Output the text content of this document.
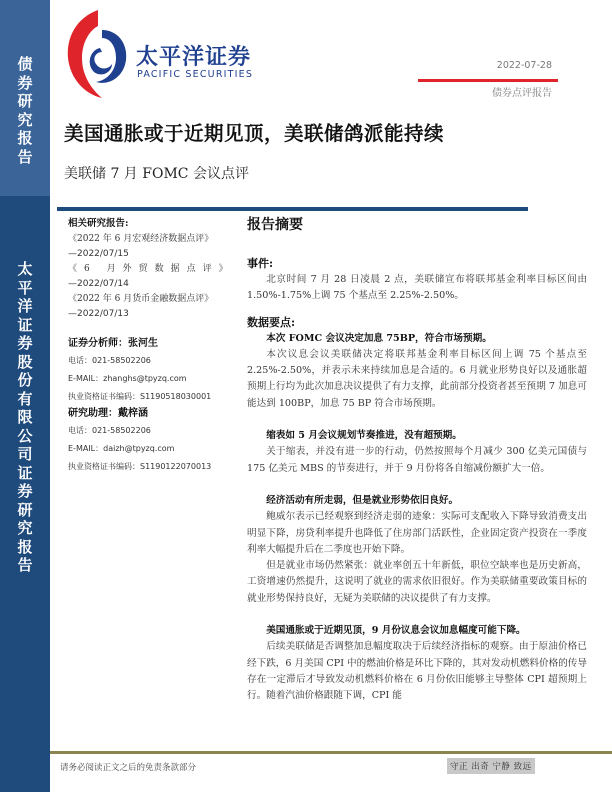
债
券
研
究
报
告
太
平
洋
证
券
股
份
有
限
公
司
证
券
研
究
报
告
太平洋证券
PACIFIC SECURITIES
2022-07-28
债券点评报告
美国通胀或于近期见顶，美联储鸽派能持续
美联储 7 月 FOMC 会议点评
相关研究报告:
《2022 年 6 月宏观经济数据点评》
—2022/07/15
《6 月外贸数据点评》
—2022/07/14
《2022 年 6 月货币金融数据点评》
—2022/07/13
证券分析师：张河生
电话：021-58502206
E-MAIL：zhanghs@tpyzq.com
执业资格证书编码：S1190518030001
研究助理：戴梓涵
电话：021-58502206
E-MAIL：daizh@tpyzq.com
执业资格证书编码：S1190122070013
报告摘要
事件:
北京时间 7 月 28 日凌晨 2 点，美联储宣布将联邦基金利率目标区间由 1.50%-1.75%上调 75 个基点至 2.25%-2.50%。
数据要点:
本次 FOMC 会议决定加息 75BP，符合市场预期。
本次议息会议美联储决定将联邦基金利率目标区间上调 75 个基点至 2.25%-2.50%，并表示未来持续加息是合适的。6 月就业形势良好以及通胀超预期上行均为此次加息决议提供了有力支撑，此前部分投资者甚至预期 7 加息可能达到 100BP，加息 75 BP 符合市场预期。
缩表如 5 月会议规划节奏推进，没有超预期。
关于缩表，并没有进一步的行动，仍然按照每个月减少 300 亿美元国债与 175 亿美元 MBS 的节奏进行，并于 9 月份将各自缩减份额扩大一倍。
经济活动有所走弱，但是就业形势依旧良好。
鲍威尔表示已经观察到经济走弱的迹象：实际可支配收入下降导致消费支出明显下降，房贷利率提升也降低了住房部门活跃性，企业固定资产投资在一季度利率大幅提升后在二季度也开始下降。
但是就业市场仍然紧张：就业率创五十年新低，职位空缺率也是历史新高，工资增速仍然提升，这说明了就业的需求依旧很好。作为美联储重要政策目标的就业形势保持良好，无疑为美联储的决议提供了有力支撑。
美国通胀或于近期见顶，9 月份议息会议加息幅度可能下降。
后续美联储是否调整加息幅度取决于后续经济指标的观察。由于原油价格已经下跌，6 月美国 CPI 中的燃油价格是环比下降的，其对发动机燃料价格的传导存在一定滞后才导致发动机燃料价格在 6 月份依旧能够主导整体 CPI 超预期上行。随着汽油价格跟随下调，CPI 能
请务必阅读正文之后的免责条款部分	守正 出奇 宁静 致远
